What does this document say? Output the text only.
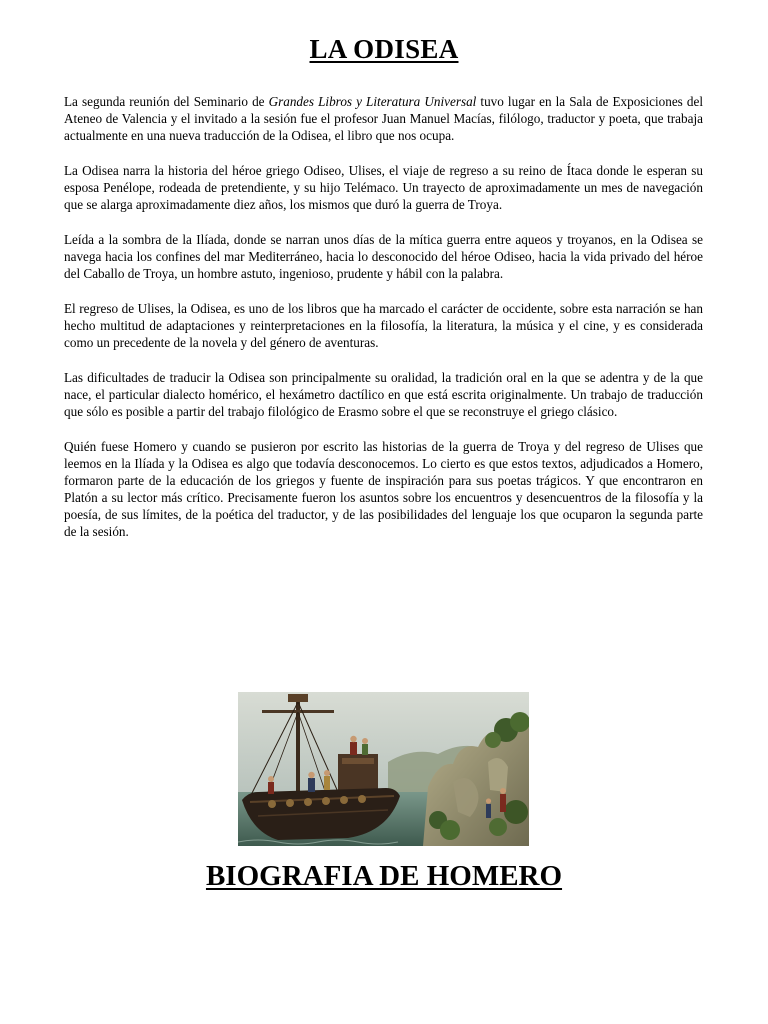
LA ODISEA

La segunda reunión del Seminario de Grandes Libros y Literatura Universal tuvo lugar en la Sala de Exposiciones del Ateneo de Valencia y el invitado a la sesión fue el profesor Juan Manuel Macías, filólogo, traductor y poeta, que trabaja actualmente en una nueva traducción de la Odisea, el libro que nos ocupa.

La Odisea narra la historia del héroe griego Odiseo, Ulises, el viaje de regreso a su reino de Ítaca donde le esperan su esposa Penélope, rodeada de pretendiente, y su hijo Telémaco. Un trayecto de aproximadamente un mes de navegación que se alarga aproximadamente diez años, los mismos que duró la guerra de Troya.

Leída a la sombra de la Ilíada, donde se narran unos días de la mítica guerra entre aqueos y troyanos, en la Odisea se navega hacia los confines del mar Mediterráneo, hacia lo desconocido del héroe Odiseo, hacia la vida privado del héroe del Caballo de Troya, un hombre astuto, ingenioso, prudente y hábil con la palabra.

El regreso de Ulises, la Odisea, es uno de los libros que ha marcado el carácter de occidente, sobre esta narración se han hecho multitud de adaptaciones y reinterpretaciones en la filosofía, la literatura, la música y el cine, y es considerada como un precedente de la novela y del género de aventuras.

Las dificultades de traducir la Odisea son principalmente su oralidad, la tradición oral en la que se adentra y de la que nace, el particular dialecto homérico, el hexámetro dactílico en que está escrita originalmente. Un trabajo de traducción que sólo es posible a partir del trabajo filológico de Erasmo sobre el que se reconstruye el griego clásico.

Quién fuese Homero y cuando se pusieron por escrito las historias de la guerra de Troya y del regreso de Ulises que leemos en la Ilíada y la Odisea es algo que todavía desconocemos. Lo cierto es que estos textos, adjudicados a Homero, formaron parte de la educación de los griegos y fuente de inspiración para sus poetas trágicos. Y que encontraron en Platón a su lector más crítico. Precisamente fueron los asuntos sobre los encuentros y desencuentros de la filosofía y la poesía, de sus límites, de la poética del traductor, y de las posibilidades del lenguaje los que ocuparon la segunda parte de la sesión.

BIOGRAFIA DE HOMERO
